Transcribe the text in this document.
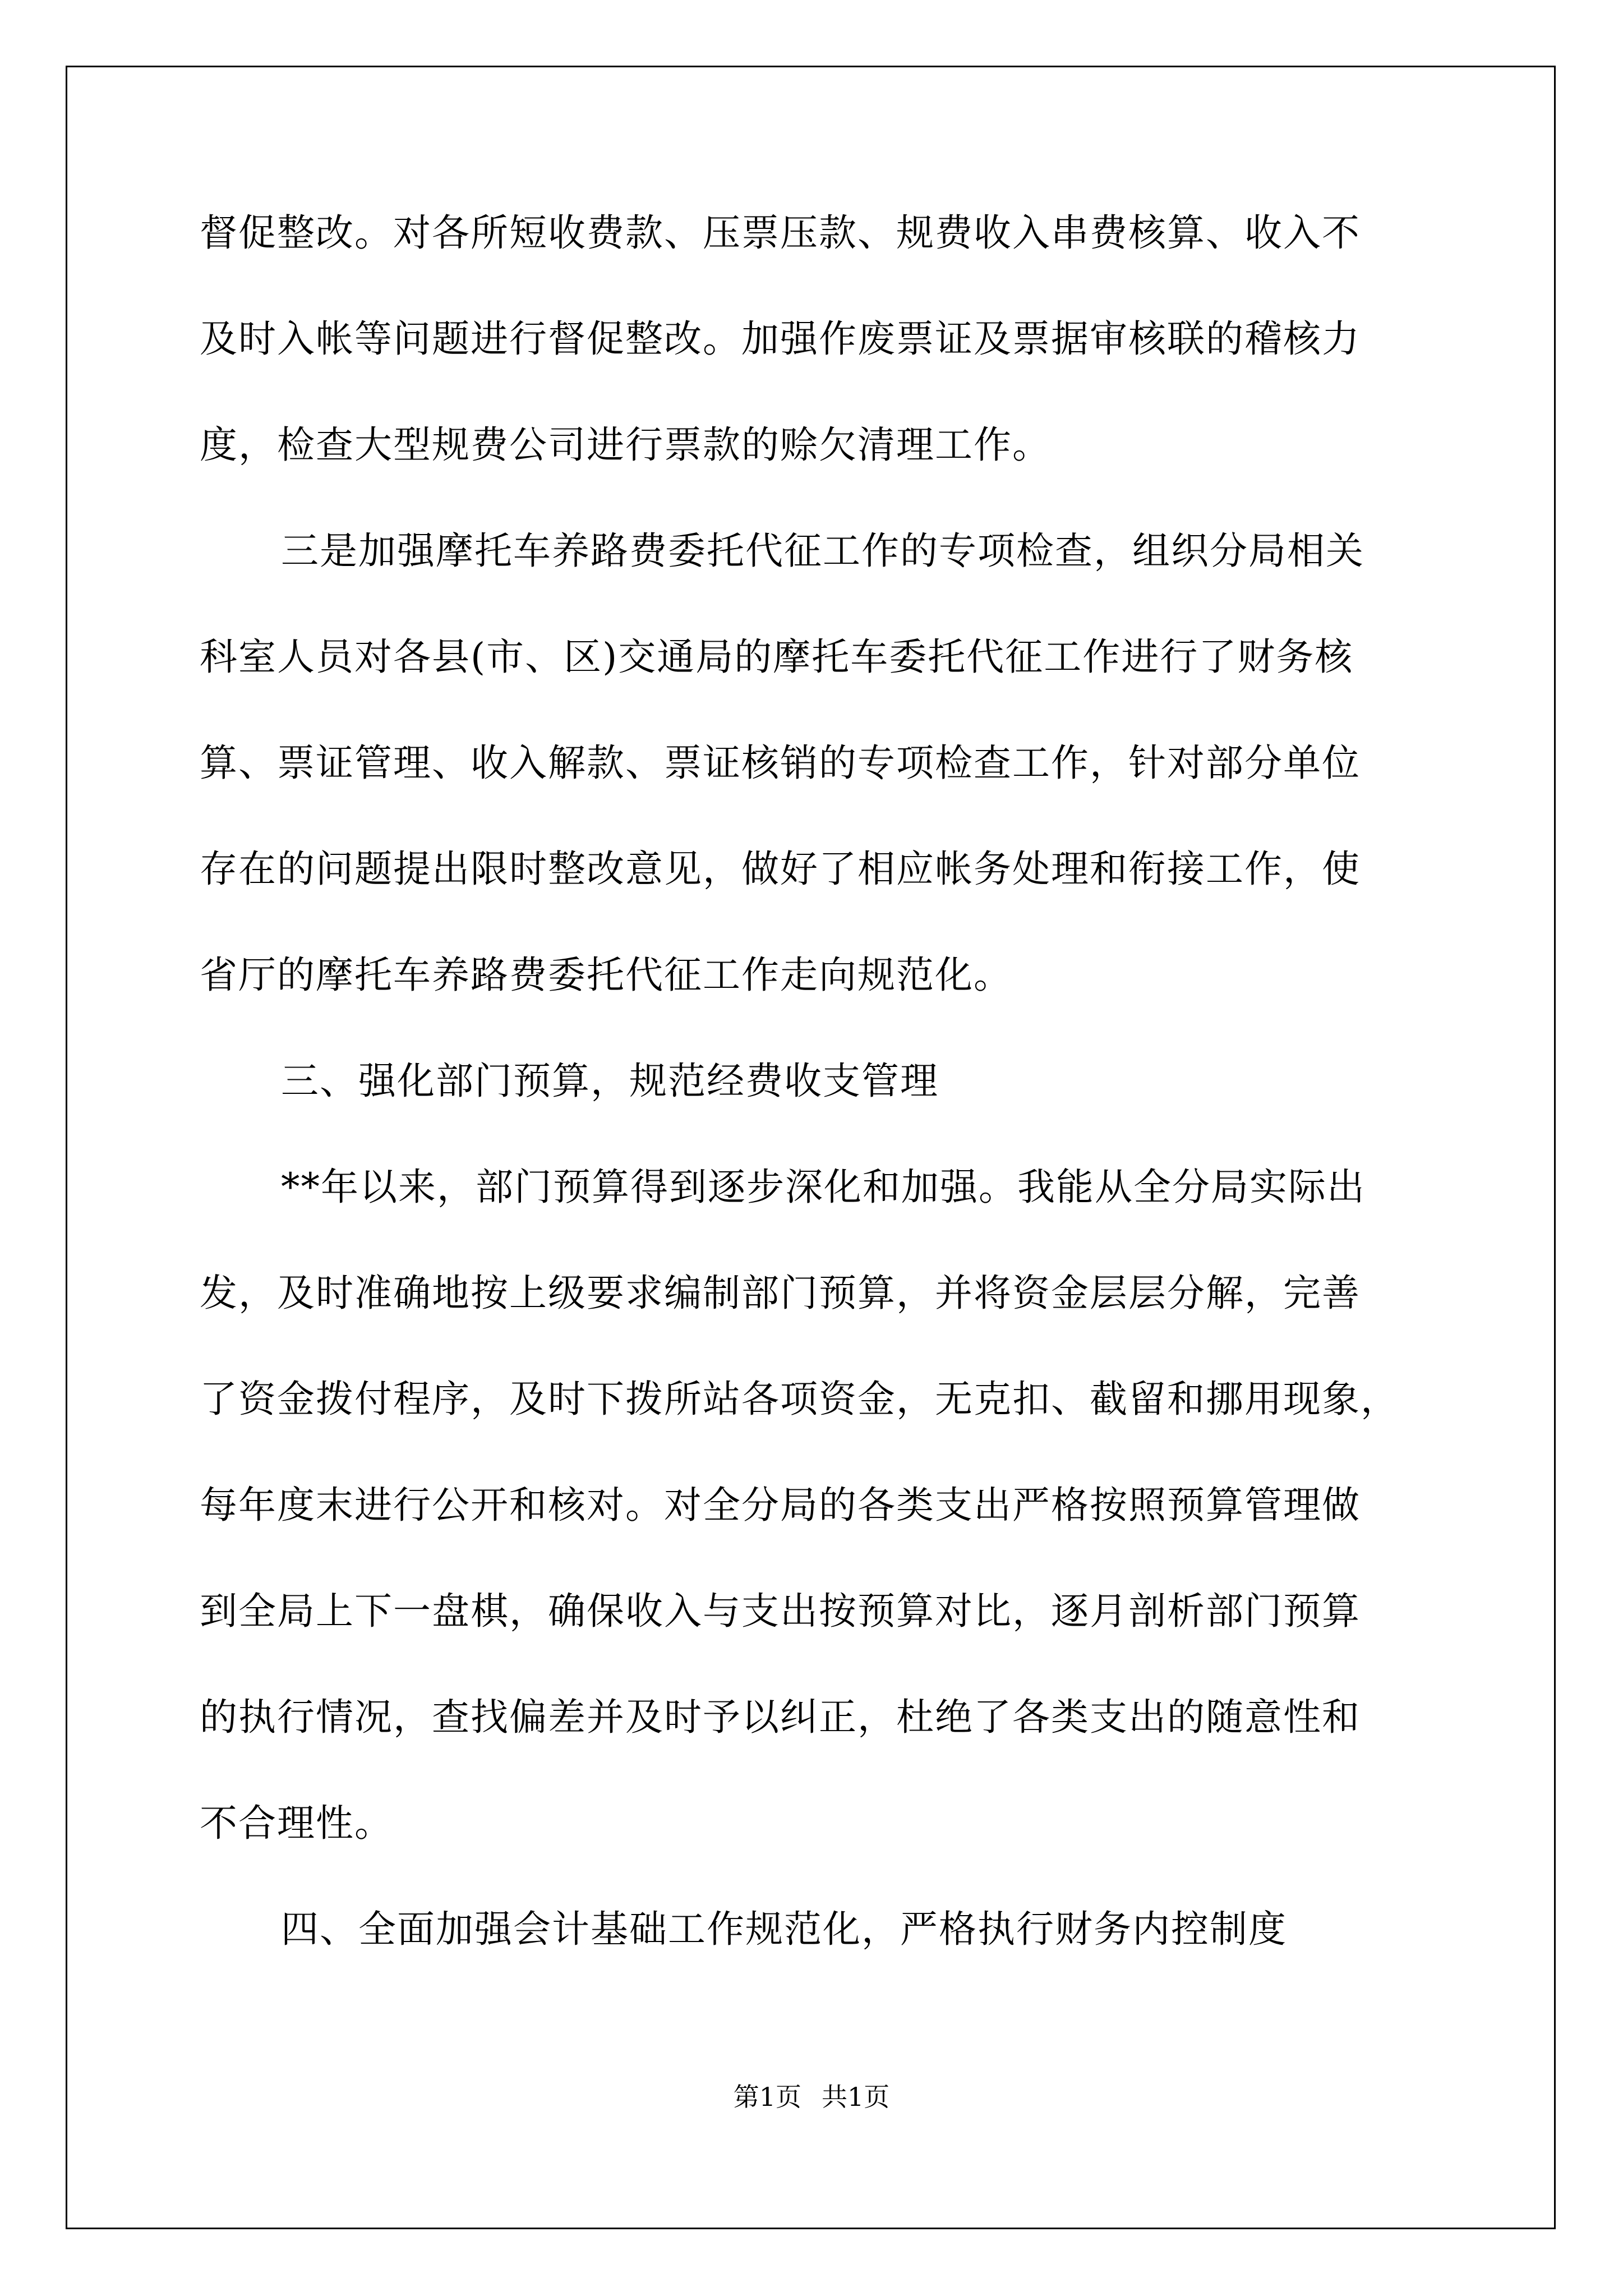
督促整改。对各所短收费款、压票压款、规费收入串费核算、收入不
及时入帐等问题进行督促整改。加强作废票证及票据审核联的稽核力
度，检查大型规费公司进行票款的赊欠清理工作。
三是加强摩托车养路费委托代征工作的专项检查，组织分局相关
科室人员对各县(市、区)交通局的摩托车委托代征工作进行了财务核
算、票证管理、收入解款、票证核销的专项检查工作，针对部分单位
存在的问题提出限时整改意见，做好了相应帐务处理和衔接工作，使
省厅的摩托车养路费委托代征工作走向规范化。
三、强化部门预算，规范经费收支管理
**年以来，部门预算得到逐步深化和加强。我能从全分局实际出
发，及时准确地按上级要求编制部门预算，并将资金层层分解，完善
了资金拨付程序，及时下拨所站各项资金，无克扣、截留和挪用现象，
每年度末进行公开和核对。对全分局的各类支出严格按照预算管理做
到全局上下一盘棋，确保收入与支出按预算对比，逐月剖析部门预算
的执行情况，查找偏差并及时予以纠正，杜绝了各类支出的随意性和
不合理性。
四、全面加强会计基础工作规范化，严格执行财务内控制度
第1页 共1页
